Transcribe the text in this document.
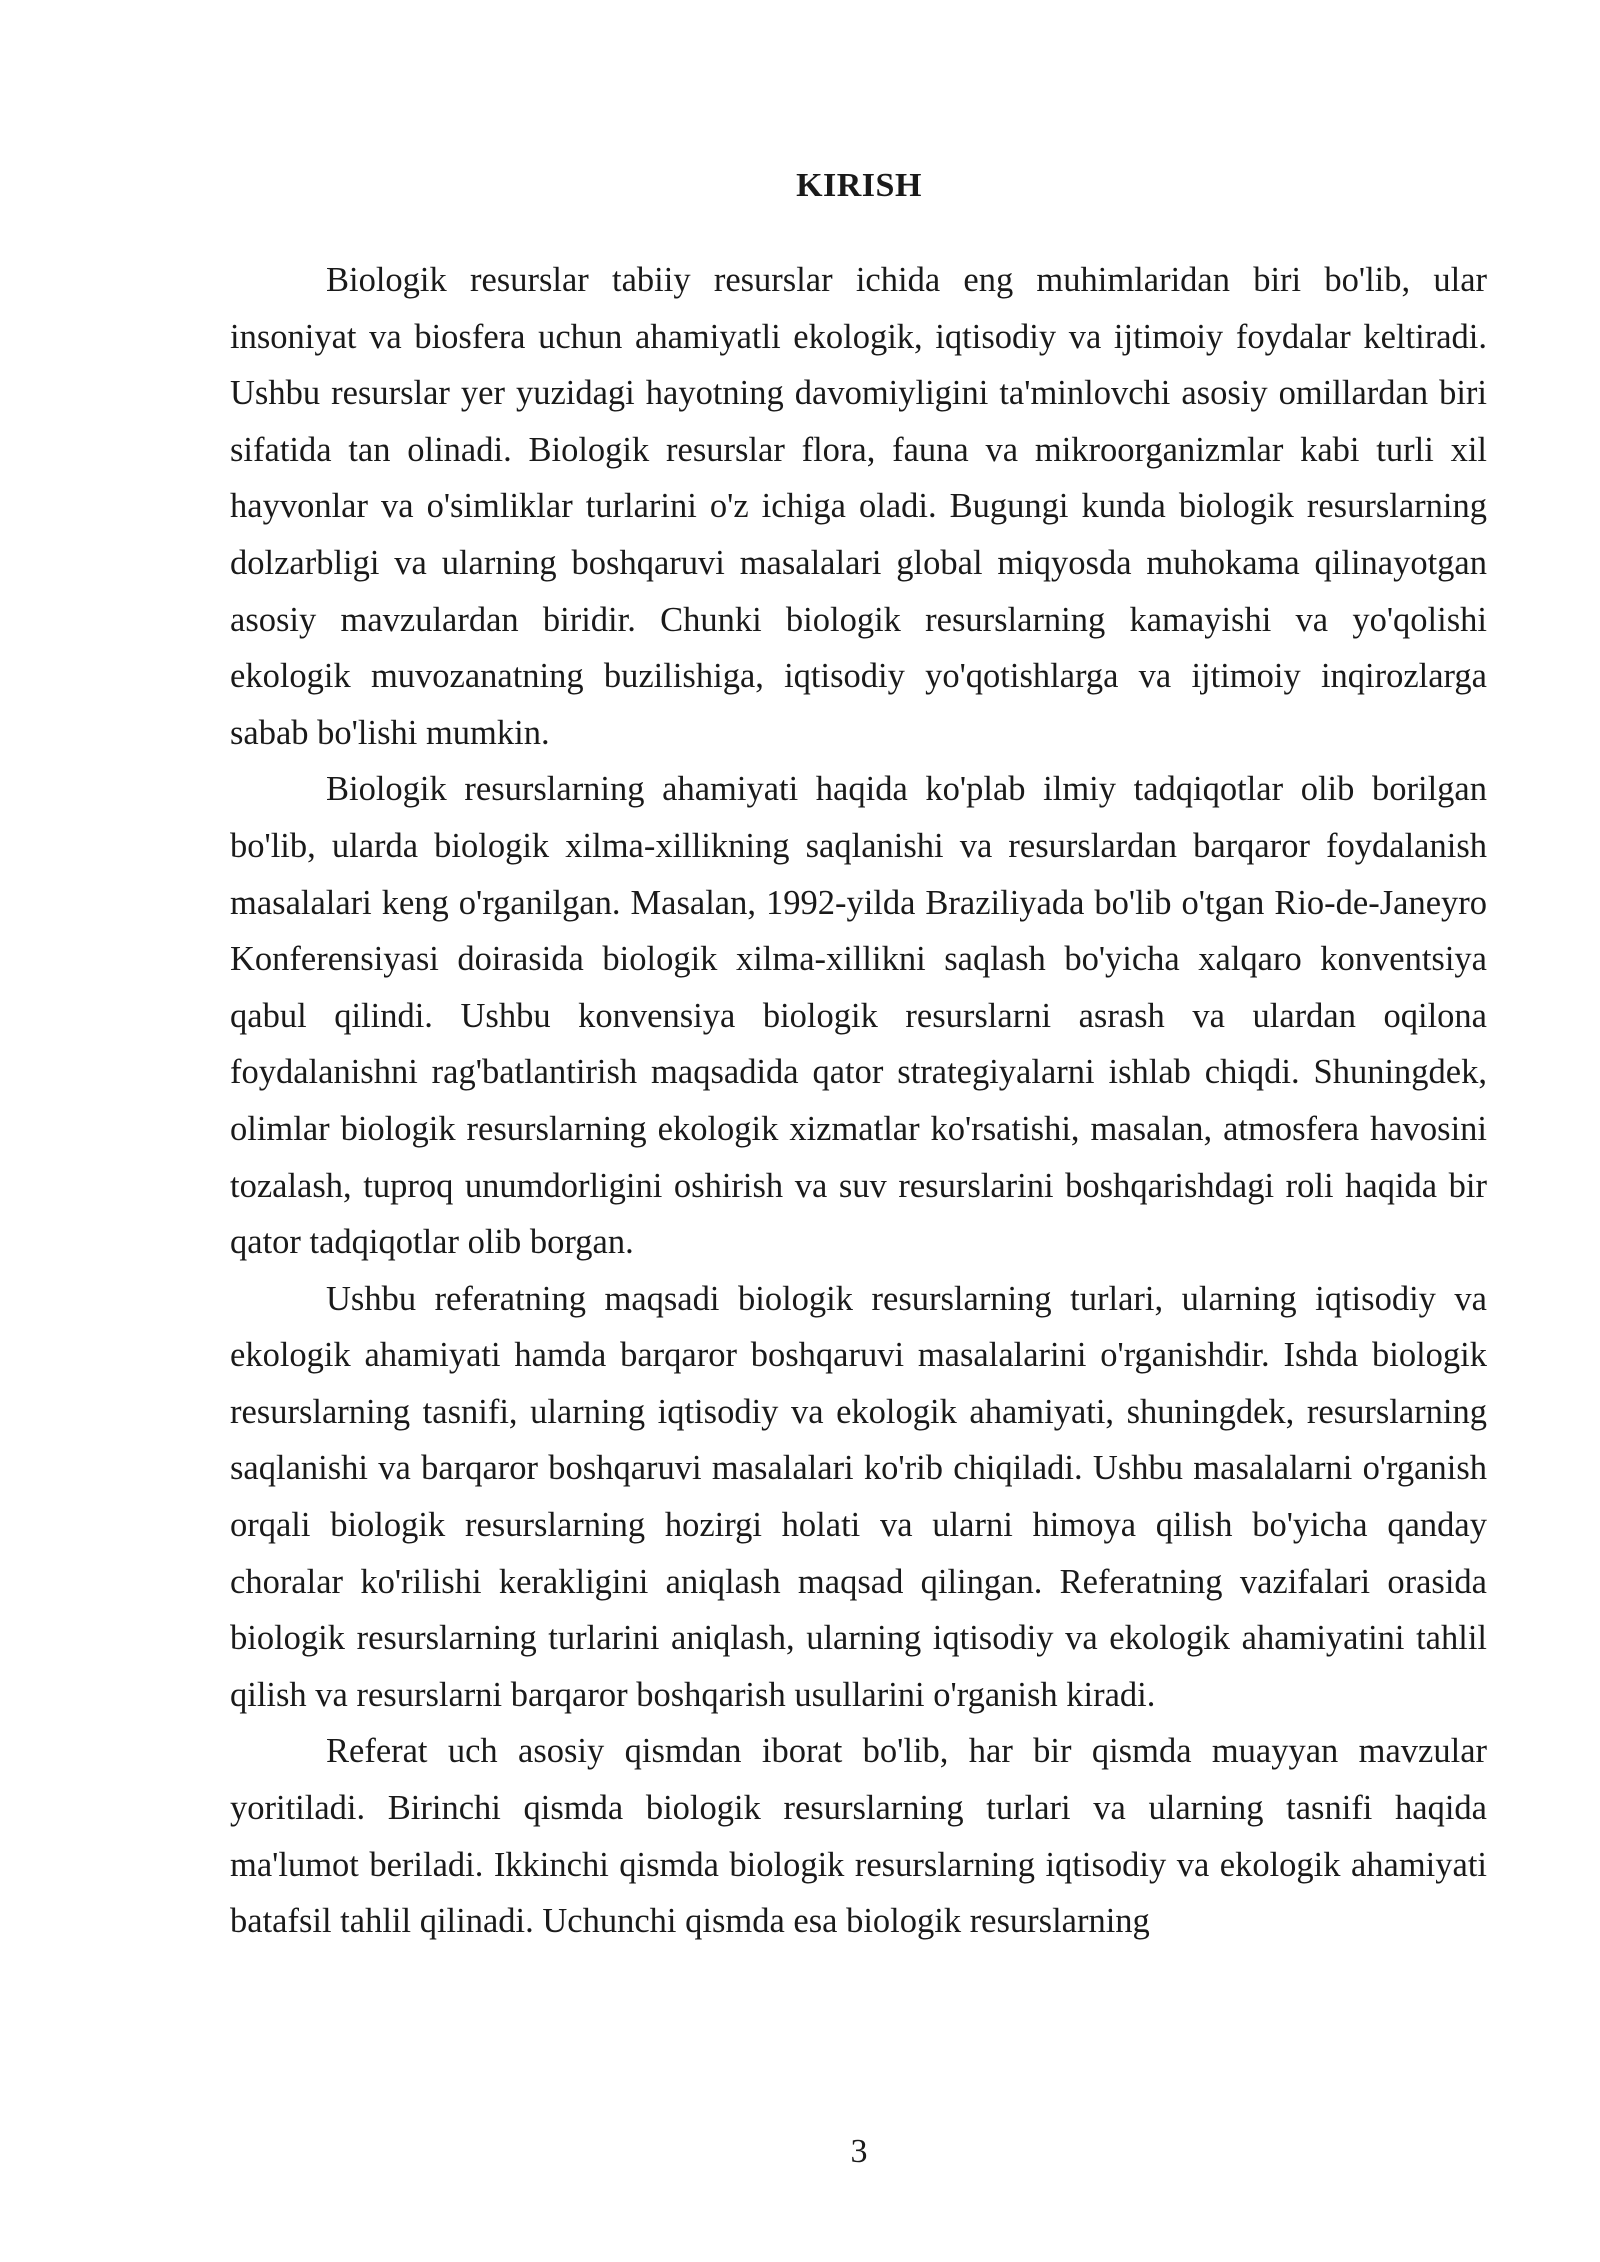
KIRISH

Biologik resurslar tabiiy resurslar ichida eng muhimlaridan biri bo'lib, ular insoniyat va biosfera uchun ahamiyatli ekologik, iqtisodiy va ijtimoiy foydalar keltiradi. Ushbu resurslar yer yuzidagi hayotning davomiyligini ta'minlovchi asosiy omillardan biri sifatida tan olinadi. Biologik resurslar flora, fauna va mikroorganizmlar kabi turli xil hayvonlar va o'simliklar turlarini o'z ichiga oladi. Bugungi kunda biologik resurslarning dolzarbligi va ularning boshqaruvi masalalari global miqyosda muhokama qilinayotgan asosiy mavzulardan biridir. Chunki biologik resurslarning kamayishi va yo'qolishi ekologik muvozanatning buzilishiga, iqtisodiy yo'qotishlarga va ijtimoiy inqirozlarga sabab bo'lishi mumkin.

Biologik resurslarning ahamiyati haqida ko'plab ilmiy tadqiqotlar olib borilgan bo'lib, ularda biologik xilma-xillikning saqlanishi va resurslardan barqaror foydalanish masalalari keng o'rganilgan. Masalan, 1992-yilda Braziliyada bo'lib o'tgan Rio-de-Janeyro Konferensiyasi doirasida biologik xilma-xillikni saqlash bo'yicha xalqaro konventsiya qabul qilindi. Ushbu konvensiya biologik resurslarni asrash va ulardan oqilona foydalanishni rag'batlantirish maqsadida qator strategiyalarni ishlab chiqdi. Shuningdek, olimlar biologik resurslarning ekologik xizmatlar ko'rsatishi, masalan, atmosfera havosini tozalash, tuproq unumdorligini oshirish va suv resurslarini boshqarishdagi roli haqida bir qator tadqiqotlar olib borgan.

Ushbu referatning maqsadi biologik resurslarning turlari, ularning iqtisodiy va ekologik ahamiyati hamda barqaror boshqaruvi masalalarini o'rganishdir. Ishda biologik resurslarning tasnifi, ularning iqtisodiy va ekologik ahamiyati, shuningdek, resurslarning saqlanishi va barqaror boshqaruvi masalalari ko'rib chiqiladi. Ushbu masalalarni o'rganish orqali biologik resurslarning hozirgi holati va ularni himoya qilish bo'yicha qanday choralar ko'rilishi kerakligini aniqlash maqsad qilingan. Referatning vazifalari orasida biologik resurslarning turlarini aniqlash, ularning iqtisodiy va ekologik ahamiyatini tahlil qilish va resurslarni barqaror boshqarish usullarini o'rganish kiradi.

Referat uch asosiy qismdan iborat bo'lib, har bir qismda muayyan mavzular yoritiladi. Birinchi qismda biologik resurslarning turlari va ularning tasnifi haqida ma'lumot beriladi. Ikkinchi qismda biologik resurslarning iqtisodiy va ekologik ahamiyati batafsil tahlil qilinadi. Uchunchi qismda esa biologik resurslarning

3
